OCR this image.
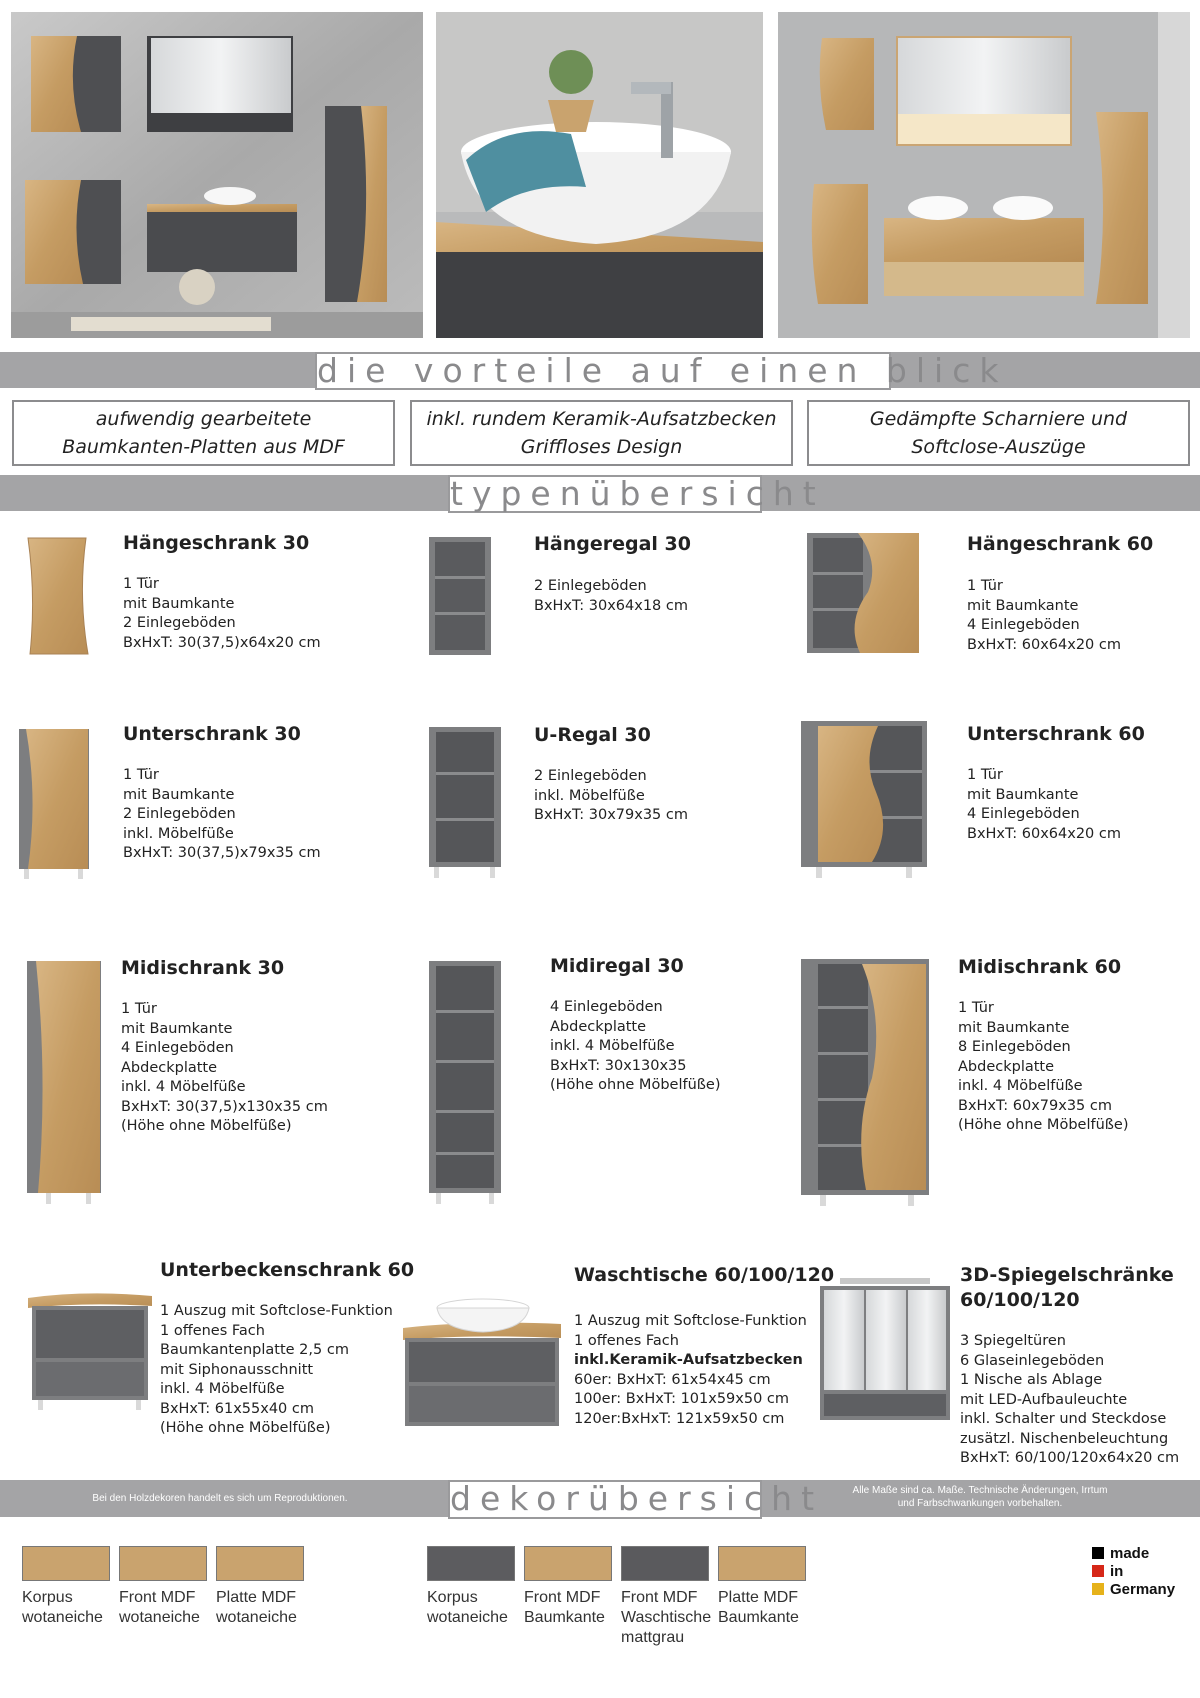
die vorteile auf einen blick
aufwendig gearbeitete
Baumkanten-Platten aus MDF
inkl. rundem Keramik-Aufsatzbecken
Griffloses Design
Gedämpfte Scharniere und
Softclose-Auszüge
typenübersicht
Hängeschrank 30
1 Tür
mit Baumkante
2 Einlegeböden
BxHxT: 30(37,5)x64x20 cm
Hängeregal 30
2 Einlegeböden
BxHxT: 30x64x18 cm
Hängeschrank 60
1 Tür
mit Baumkante
4 Einlegeböden
BxHxT: 60x64x20 cm
Unterschrank 30
1 Tür
mit Baumkante
2 Einlegeböden
inkl. Möbelfüße
BxHxT: 30(37,5)x79x35 cm
U-Regal 30
2 Einlegeböden
inkl. Möbelfüße
BxHxT: 30x79x35 cm
Unterschrank 60
1 Tür
mit Baumkante
4 Einlegeböden
BxHxT: 60x64x20 cm
Midischrank 30
1 Tür
mit Baumkante
4 Einlegeböden
Abdeckplatte
inkl. 4 Möbelfüße
BxHxT: 30(37,5)x130x35 cm
(Höhe ohne Möbelfüße)
Midiregal 30
4 Einlegeböden
Abdeckplatte
inkl. 4 Möbelfüße
BxHxT: 30x130x35
(Höhe ohne Möbelfüße)
Midischrank 60
1 Tür
mit Baumkante
8 Einlegeböden
Abdeckplatte
inkl. 4 Möbelfüße
BxHxT: 60x79x35 cm
(Höhe ohne Möbelfüße)
Unterbeckenschrank 60
1 Auszug mit Softclose-Funktion
1 offenes Fach
Baumkantenplatte 2,5 cm
mit Siphonausschnitt
inkl. 4 Möbelfüße
BxHxT: 61x55x40 cm
(Höhe ohne Möbelfüße)
Waschtische 60/100/120
1 Auszug mit Softclose-Funktion
1 offenes Fach
inkl.Keramik-Aufsatzbecken
60er: BxHxT: 61x54x45 cm
100er: BxHxT: 101x59x50 cm
120er:BxHxT: 121x59x50 cm
3D-Spiegelschränke
60/100/120
3 Spiegeltüren
6 Glaseinlegeböden
1 Nische als Ablage
mit LED-Aufbauleuchte
inkl. Schalter und Steckdose
zusätzl. Nischenbeleuchtung
BxHxT: 60/100/120x64x20 cm
Bei den Holzdekoren handelt es sich um Reproduktionen.	dekorübersicht	Alle Maße sind ca. Maße. Technische Änderungen, Irrtum
und Farbschwankungen vorbehalten.
Korpus
wotaneiche
Front MDF
wotaneiche
Platte MDF
wotaneiche
Korpus
wotaneiche
Front MDF
Baumkante
Front MDF
Waschtische
mattgrau
Platte MDF
Baumkante
made
in
Germany
